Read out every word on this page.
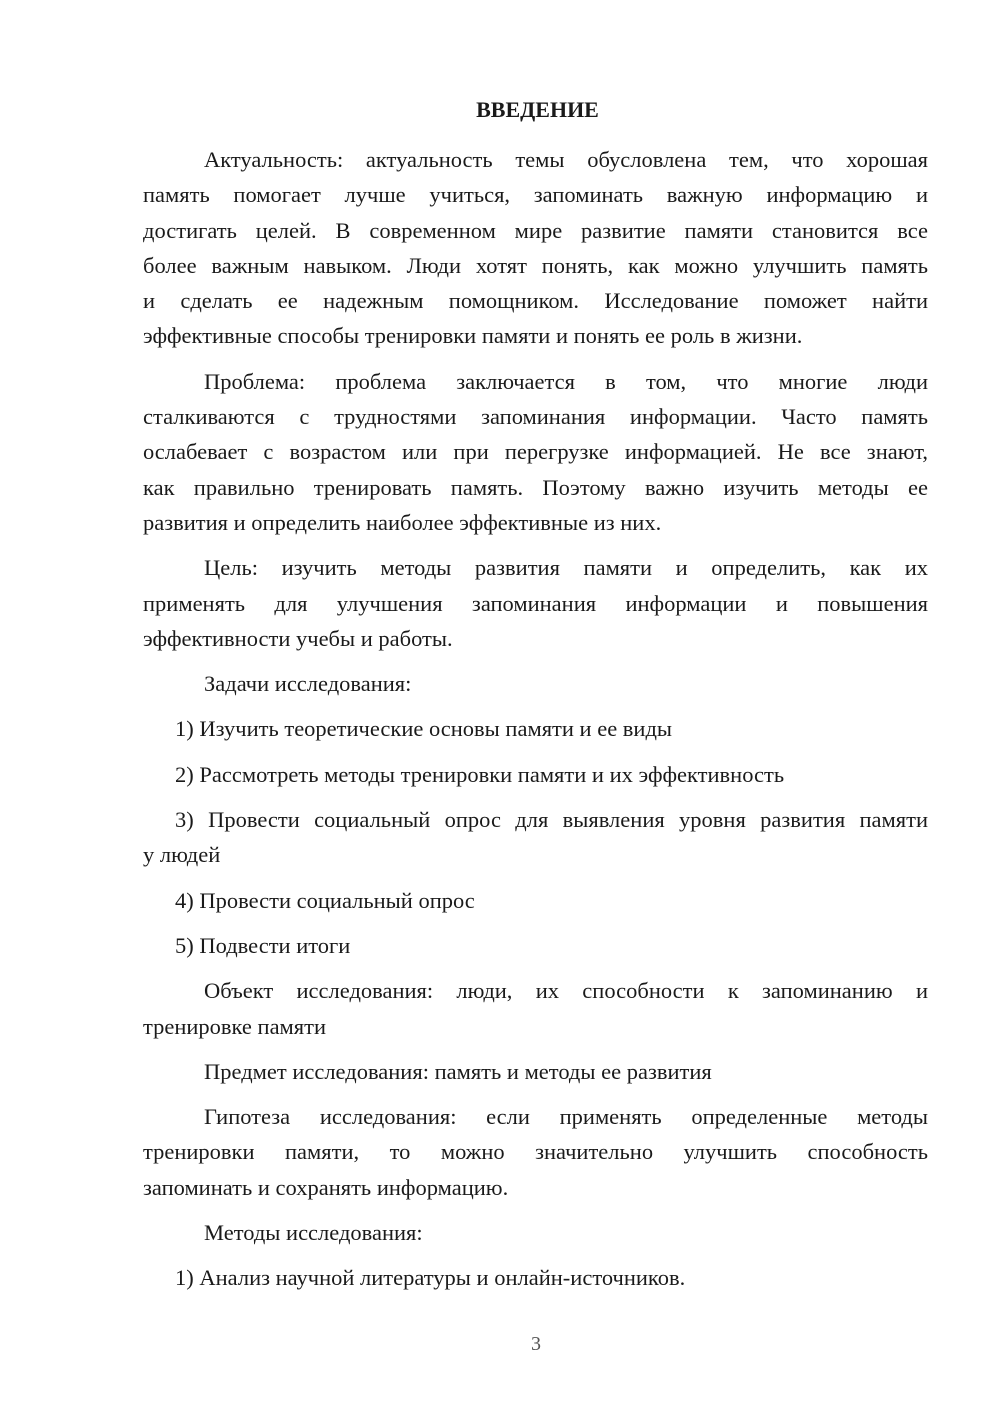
ВВЕДЕНИЕ
Актуальность: актуальность темы обусловлена тем, что хорошая
память помогает лучше учиться, запоминать важную информацию и
достигать целей. В современном мире развитие памяти становится все
более важным навыком. Люди хотят понять, как можно улучшить память
и сделать ее надежным помощником. Исследование поможет найти
эффективные способы тренировки памяти и понять ее роль в жизни.
Проблема: проблема заключается в том, что многие люди
сталкиваются с трудностями запоминания информации. Часто память
ослабевает с возрастом или при перегрузке информацией. Не все знают,
как правильно тренировать память. Поэтому важно изучить методы ее
развития и определить наиболее эффективные из них.
Цель: изучить методы развития памяти и определить, как их
применять для улучшения запоминания информации и повышения
эффективности учебы и работы.
Задачи исследования:
1) Изучить теоретические основы памяти и ее виды
2) Рассмотреть методы тренировки памяти и их эффективность
3) Провести социальный опрос для выявления уровня развития памяти
у людей
4) Провести социальный опрос
5) Подвести итоги
Объект исследования: люди, их способности к запоминанию и
тренировке памяти
Предмет исследования: память и методы ее развития
Гипотеза исследования: если применять определенные методы
тренировки памяти, то можно значительно улучшить способность
запоминать и сохранять информацию.
Методы исследования:
1) Анализ научной литературы и онлайн-источников.
3
